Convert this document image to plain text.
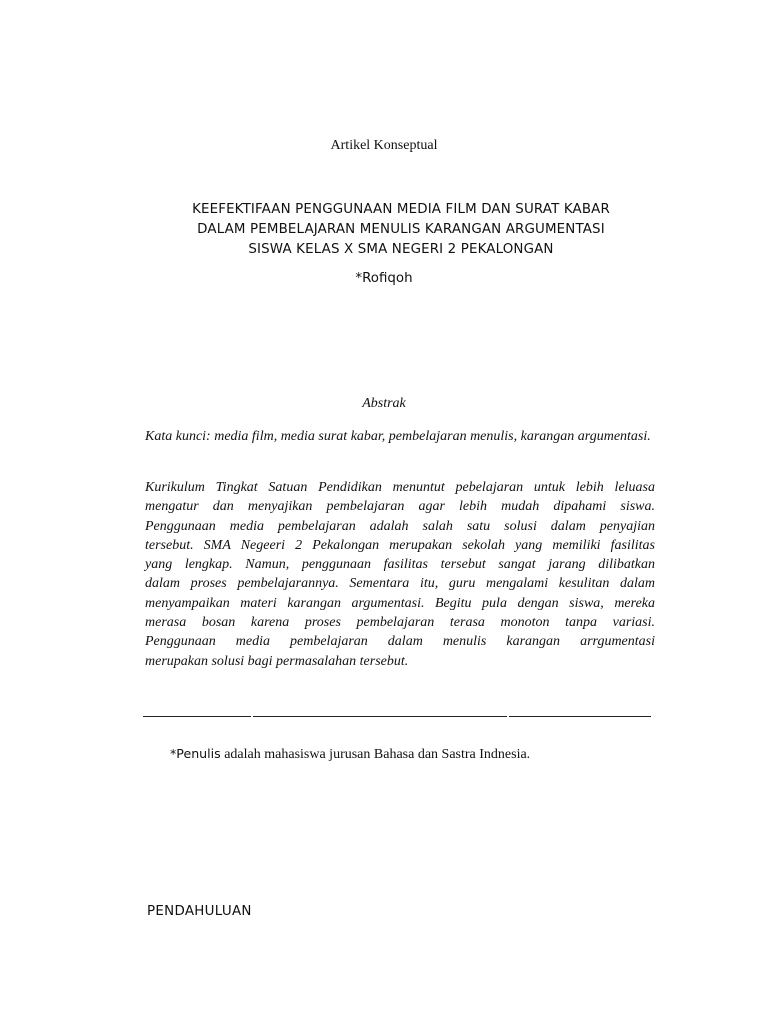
Artikel Konseptual
KEEFEKTIFAAN PENGGUNAAN MEDIA FILM DAN SURAT KABAR
DALAM PEMBELAJARAN MENULIS KARANGAN ARGUMENTASI
SISWA KELAS X SMA NEGERI 2 PEKALONGAN
*Rofiqoh
Abstrak
Kata kunci: media film, media surat kabar, pembelajaran menulis, karangan argumentasi.
Kurikulum Tingkat Satuan Pendidikan menuntut pebelajaran untuk lebih leluasa
mengatur dan menyajikan pembelajaran agar lebih mudah dipahami siswa.
Penggunaan media pembelajaran adalah salah satu solusi dalam penyajian
tersebut. SMA Negeeri 2 Pekalongan merupakan sekolah yang memiliki fasilitas
yang lengkap. Namun, penggunaan fasilitas tersebut sangat jarang dilibatkan
dalam proses pembelajarannya. Sementara itu, guru mengalami kesulitan dalam
menyampaikan materi karangan argumentasi. Begitu pula dengan siswa, mereka
merasa bosan karena proses pembelajaran terasa monoton tanpa variasi.
Penggunaan media pembelajaran dalam menulis karangan arrgumentasi
merupakan solusi bagi permasalahan tersebut.
*Penulis adalah mahasiswa jurusan Bahasa dan Sastra Indnesia.
PENDAHULUAN
